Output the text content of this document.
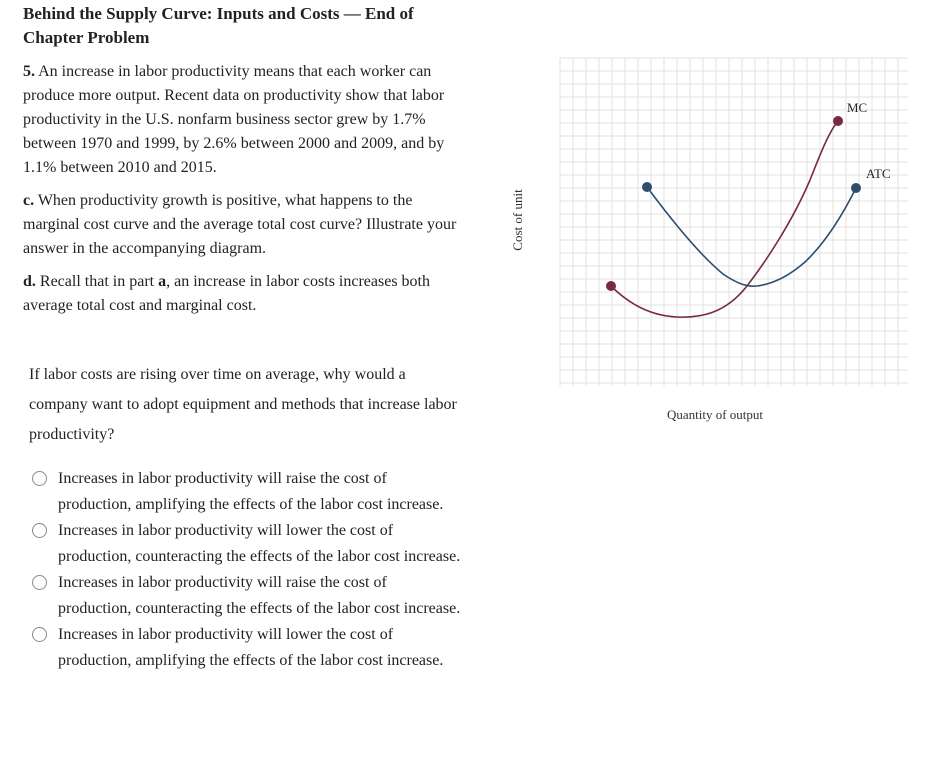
Behind the Supply Curve: Inputs and Costs — End of Chapter Problem

5. An increase in labor productivity means that each worker can produce more output. Recent data on productivity show that labor productivity in the U.S. nonfarm business sector grew by 1.7% between 1970 and 1999, by 2.6% between 2000 and 2009, and by 1.1% between 2010 and 2015.

c. When productivity growth is positive, what happens to the marginal cost curve and the average total cost curve? Illustrate your answer in the accompanying diagram.

d. Recall that in part a, an increase in labor costs increases both average total cost and marginal cost.

If labor costs are rising over time on average, why would a company want to adopt equipment and methods that increase labor productivity?
Increases in labor productivity will raise the cost of production, amplifying the effects of the labor cost increase.
Increases in labor productivity will lower the cost of production, counteracting the effects of the labor cost increase.
Increases in labor productivity will raise the cost of production, counteracting the effects of the labor cost increase.
Increases in labor productivity will lower the cost of production, amplifying the effects of the labor cost increase.
Cost of unit
Quantity of output
MC
ATC
